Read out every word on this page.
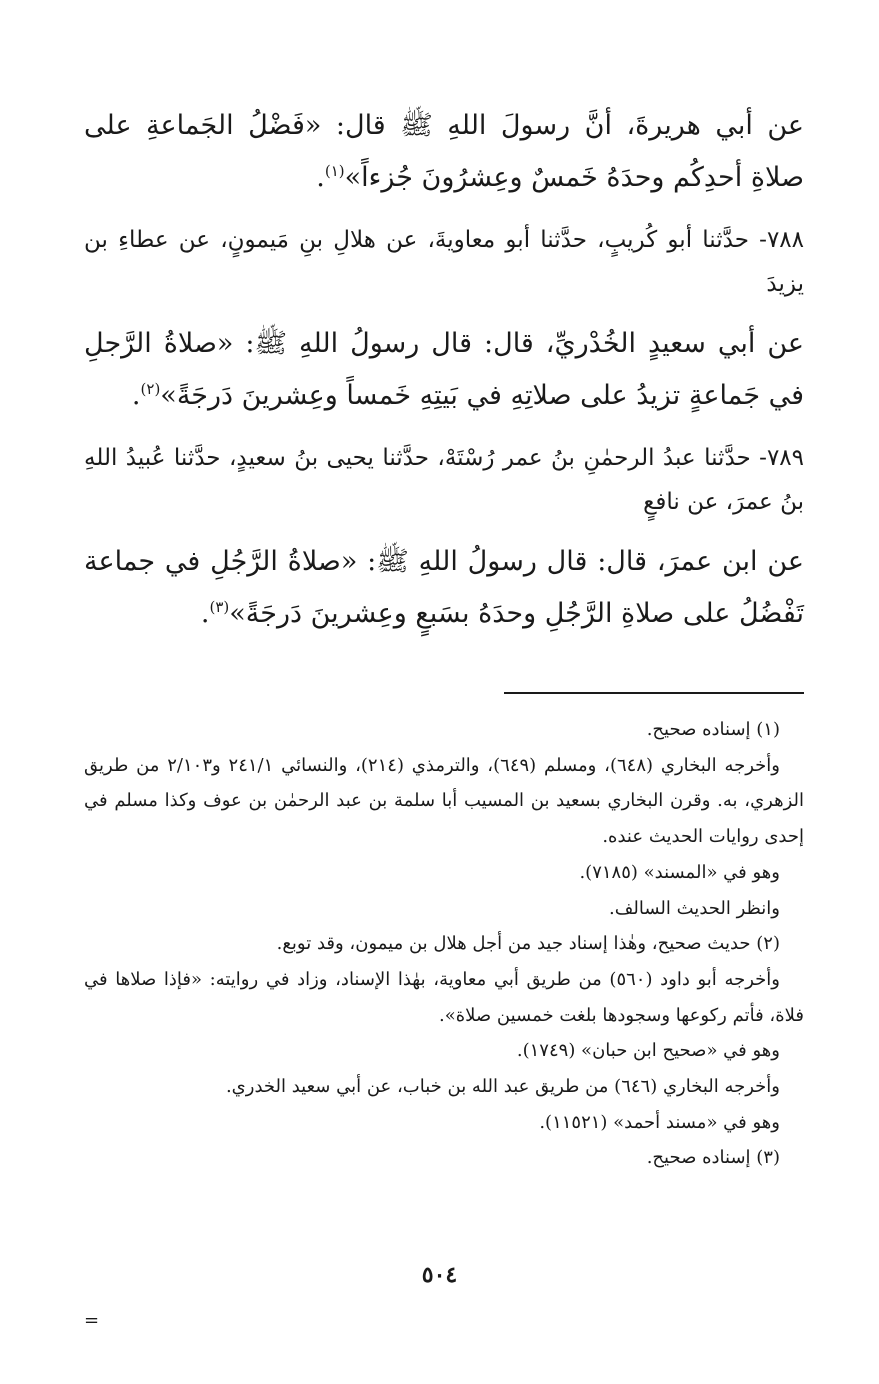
عن أبي هريرةَ، أنَّ رسولَ اللهِ ﷺ قال: «فَضْلُ الجَماعةِ على صلاةِ أحدِكُم وحدَهُ خَمسٌ وعِشرُونَ جُزءاً»$^{(١)}$.

٧٨٨- حدَّثنا أبو كُريبٍ، حدَّثنا أبو معاويةَ، عن هلالِ بنِ مَيمونٍ، عن عطاءِ بن يزيدَ

عن أبي سعيدٍ الخُدْريِّ، قال: قال رسولُ اللهِ ﷺ: «صلاةُ الرَّجلِ في جَماعةٍ تزيدُ على صلاتِهِ في بَيتِهِ خَمساً وعِشرينَ دَرجَةً»$^{(٢)}$.

٧٨٩- حدَّثنا عبدُ الرحمٰنِ بنُ عمر رُسْتَهْ، حدَّثنا يحيى بنُ سعيدٍ، حدَّثنا عُبيدُ اللهِ بنُ عمرَ، عن نافعٍ

عن ابن عمرَ، قال: قال رسولُ اللهِ ﷺ: «صلاةُ الرَّجُلِ في جماعة تَفْضُلُ على صلاةِ الرَّجُلِ وحدَهُ بسَبعٍ وعِشرينَ دَرجَةً»$^{(٣)}$.

(١) إسناده صحيح.

وأخرجه البخاري (٦٤٨)، ومسلم (٦٤٩)، والترمذي (٢١٤)، والنسائي ٢٤١/١ و٢/١٠٣ من طريق الزهري، به. وقرن البخاري بسعيد بن المسيب أبا سلمة بن عبد الرحمٰن بن عوف وكذا مسلم في إحدى روايات الحديث عنده.

وهو في «المسند» (٧١٨٥).

وانظر الحديث السالف.

(٢) حديث صحيح، وهٰذا إسناد جيد من أجل هلال بن ميمون، وقد توبع.

وأخرجه أبو داود (٥٦٠) من طريق أبي معاوية، بهٰذا الإسناد، وزاد في روايته: «فإذا صلاها في فلاة، فأتم ركوعها وسجودها بلغت خمسين صلاة».

وهو في «صحيح ابن حبان» (١٧٤٩).

وأخرجه البخاري (٦٤٦) من طريق عبد الله بن خباب، عن أبي سعيد الخدري.

وهو في «مسند أحمد» (١١٥٢١).

(٣) إسناده صحيح.

=
٥٠٤
